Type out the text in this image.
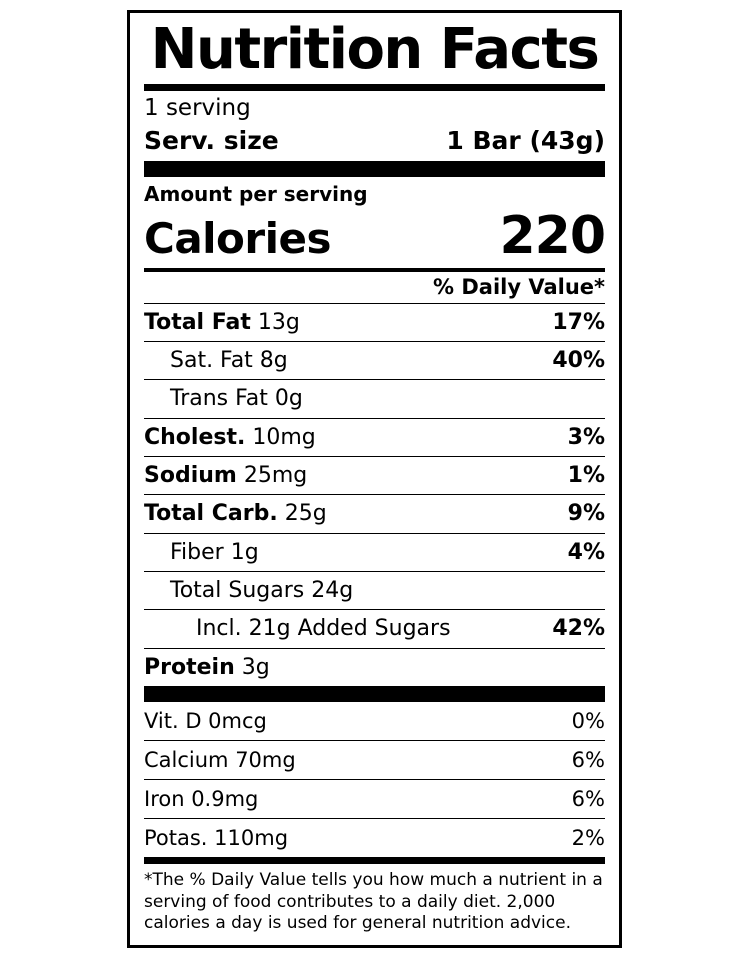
Nutrition Facts
1 serving
Serv. size	1 Bar (43g)
Amount per serving
Calories	220
% Daily Value*
Total Fat 13g	17%
Sat. Fat 8g	40%
Trans Fat 0g
Cholest. 10mg	3%
Sodium 25mg	1%
Total Carb. 25g	9%
Fiber 1g	4%
Total Sugars 24g
Incl. 21g Added Sugars	42%
Protein 3g
Vit. D 0mcg	0%
Calcium 70mg	6%
Iron 0.9mg	6%
Potas. 110mg	2%
*The % Daily Value tells you how much a nutrient in a serving of food contributes to a daily diet. 2,000 calories a day is used for general nutrition advice.
